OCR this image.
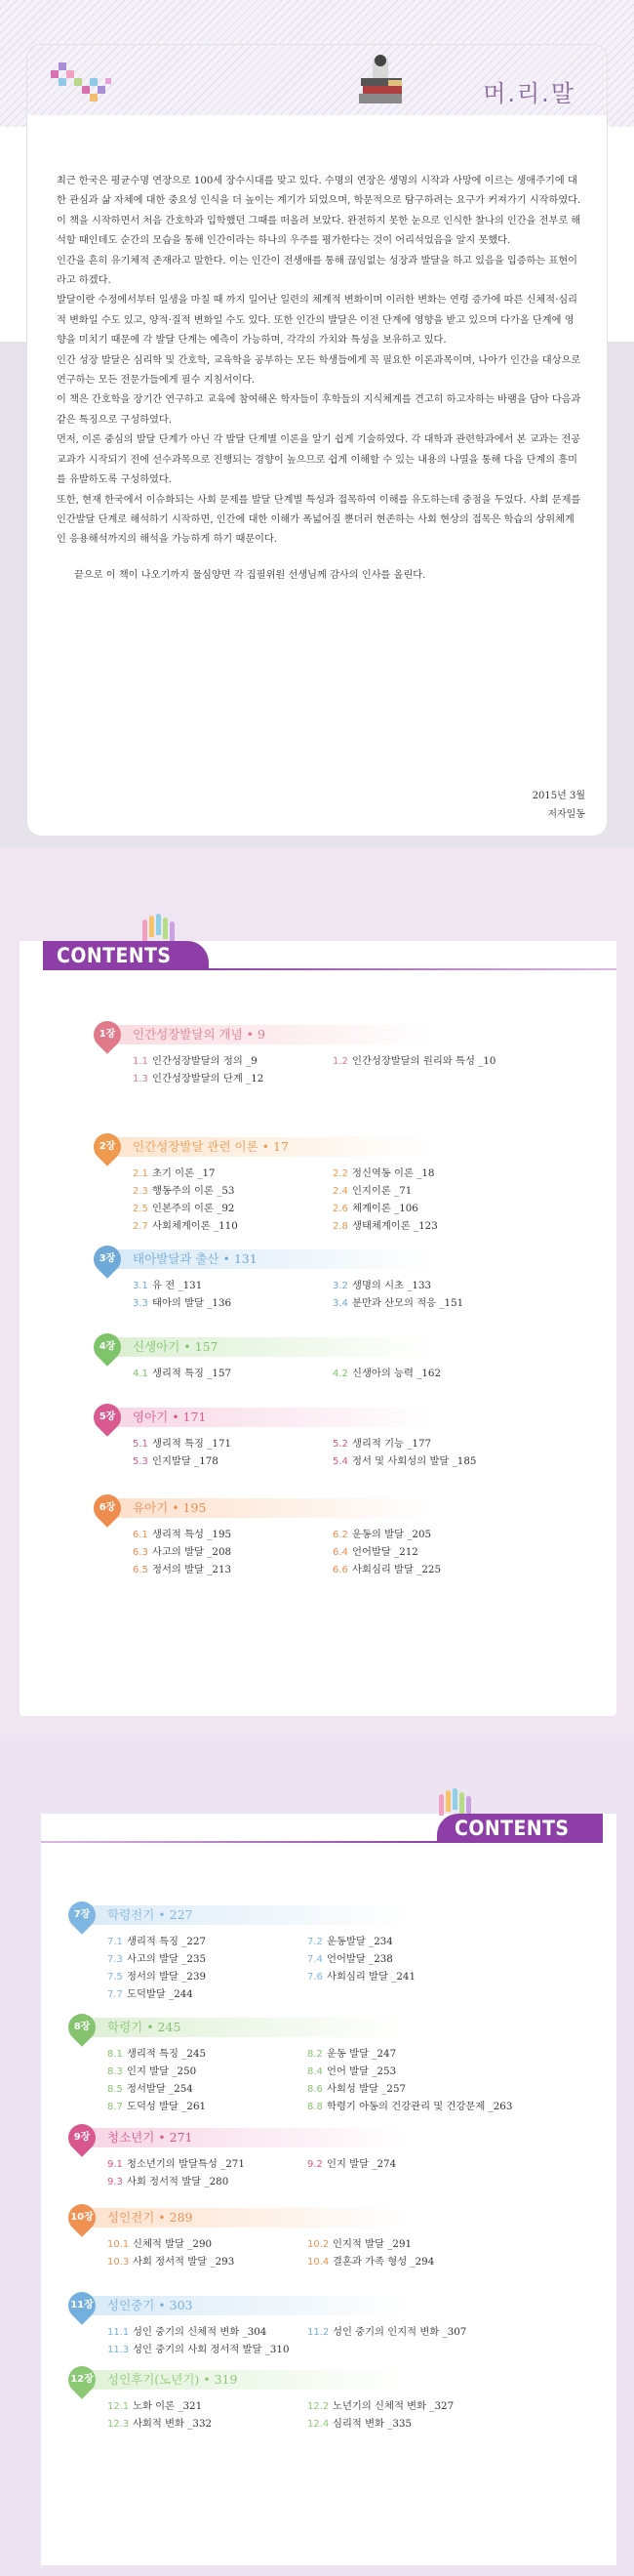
머.리.말

최근 한국은 평균수명 연장으로 100세 장수시대를 맞고 있다. 수명의 연장은 생명의 시작과 사망에 이르는 생애주기에 대한 관심과 삶 자체에 대한 중요성 인식을 더 높이는 계기가 되었으며, 학문적으로 탐구하려는 요구가 커져가기 시작하였다.

이 책을 시작하면서 처음 간호학과 입학했던 그때를 떠올려 보았다. 완전하지 못한 눈으로 인식한 찰나의 인간을 전부로 해석할 때인데도 순간의 모습을 통해 인간이라는 하나의 우주를 평가한다는 것이 어리석었음을 알지 못했다.

인간을 흔히 유기체적 존재라고 말한다. 이는 인간이 전생애를 통해 끊임없는 성장과 발달을 하고 있음을 입증하는 표현이라고 하겠다.

발달이란 수정에서부터 일생을 마칠 때 까지 일어난 일련의 체계적 변화이며 이러한 변화는 연령 증가에 따른 신체적·심리적 변화일 수도 있고, 양적·질적 변화일 수도 있다. 또한 인간의 발달은 이전 단계에 영향을 받고 있으며 다가올 단계에 영향을 미치기 때문에 각 발달 단계는 예측이 가능하며, 각각의 가치와 특성을 보유하고 있다.

인간 성장 발달은 심리학 및 간호학, 교육학을 공부하는 모든 학생들에게 꼭 필요한 이론과목이며, 나아가 인간을 대상으로 연구하는 모든 전문가들에게 필수 지침서이다.

이 책은 간호학을 장기간 연구하고 교육에 참여해온 학자들이 후학들의 지식체계를 견고히 하고자하는 바램을 담아 다음과 같은 특징으로 구성하였다.

먼저, 이론 중심의 발달 단계가 아닌 각 발달 단계별 이론을 알기 쉽게 기술하였다. 각 대학과 관련학과에서 본 교과는 전공 교과가 시작되기 전에 선수과목으로 진행되는 경향이 높으므로 쉽게 이해할 수 있는 내용의 나열을 통해 다음 단계의 흥미를 유발하도록 구성하였다.

또한, 현재 한국에서 이슈화되는 사회 문제를 발달 단계별 특성과 접목하여 이해를 유도하는데 중점을 두었다. 사회 문제를 인간발달 단계로 해석하기 시작하면, 인간에 대한 이해가 폭넓어질 뿐더러 현존하는 사회 현상의 접목은 학습의 상위체계인 응용해석까지의 해석을 가능하게 하기 때문이다.

끝으로 이 책이 나오기까지 물심양면 각 집필위원 선생님께 감사의 인사를 올린다.

2015년 3월
저자일동
1장	인간성장발달의 개념 • 9
1.1 인간성장발달의 정의 _9	1.2 인간성장발달의 원리와 특성 _10
1.3 인간성장발달의 단계 _12
2장	인간성장발달 관련 이론 • 17
2.1 초기 이론 _17	2.2 정신역동 이론 _18
2.3 행동주의 이론 _53	2.4 인지이론 _71
2.5 인본주의 이론 _92	2.6 체계이론 _106
2.7 사회체계이론 _110	2.8 생태체계이론 _123
3장	태아발달과 출산 • 131
3.1 유 전 _131	3.2 생명의 시초 _133
3.3 태아의 발달 _136	3.4 분만과 산모의 적응 _151
4장	신생아기 • 157
4.1 생리적 특징 _157	4.2 신생아의 능력 _162
5장	영아기 • 171
5.1 생리적 특징 _171	5.2 생리적 기능 _177
5.3 인지발달 _178	5.4 정서 및 사회성의 발달 _185
6장	유아기 • 195
6.1 생리적 특성 _195	6.2 운동의 발달 _205
6.3 사고의 발달 _208	6.4 언어발달 _212
6.5 정서의 발달 _213	6.6 사회심리 발달 _225
CONTENTS
7장	학령전기 • 227
7.1 생리적 특징 _227	7.2 운동발달 _234
7.3 사고의 발달 _235	7.4 언어발달 _238
7.5 정서의 발달 _239	7.6 사회심리 발달 _241
7.7 도덕발달 _244
8장	학령기 • 245
8.1 생리적 특징 _245	8.2 운동 발달 _247
8.3 인지 발달 _250	8.4 언어 발달 _253
8.5 정서발달 _254	8.6 사회성 발달 _257
8.7 도덕성 발달 _261	8.8 학령기 아동의 건강관리 및 건강문제 _263
9장	청소년기 • 271
9.1 청소년기의 발달특성 _271	9.2 인지 발달 _274
9.3 사회 정서적 발달 _280
10장 성인전기 • 289
10.1 신체적 발달 _290	10.2 인지적 발달 _291
10.3 사회 정서적 발달 _293	10.4 결혼과 가족 형성 _294
11장 성인중기 • 303
11.1 성인 중기의 신체적 변화 _304	11.2 성인 중기의 인지적 변화 _307
11.3 성인 중기의 사회 정서적 발달 _310
12장 성인후기(노년기) • 319
12.1 노화 이론 _321	12.2 노년기의 신체적 변화 _327
12.3 사회적 변화 _332	12.4 심리적 변화 _335
CONTENTS
